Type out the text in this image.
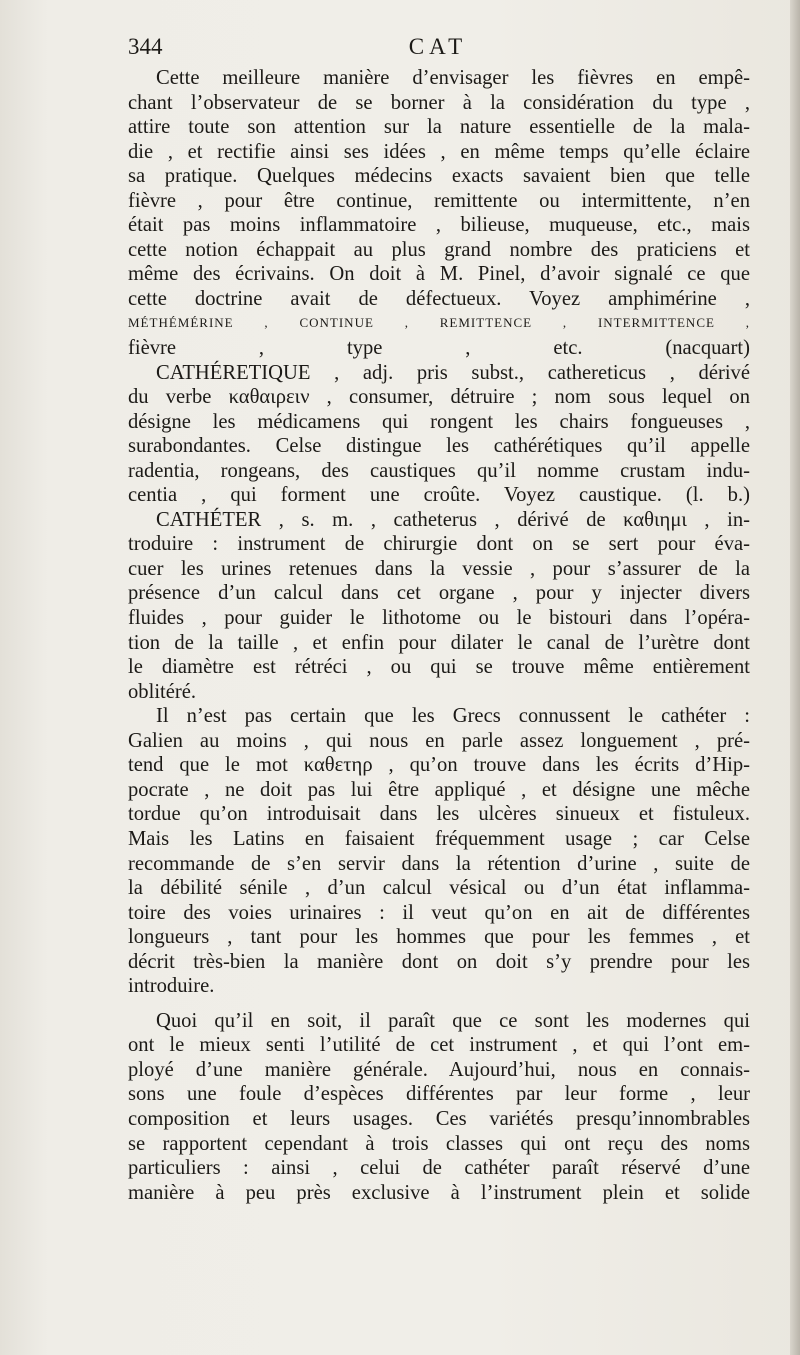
344	CAT
Cette meilleure manière d’envisager les fièvres en empê-
chant l’observateur de se borner à la considération du type ,
attire toute son attention sur la nature essentielle de la mala-
die , et rectifie ainsi ses idées , en même temps qu’elle éclaire
sa pratique. Quelques médecins exacts savaient bien que telle
fièvre , pour être continue, remittente ou intermittente, n’en
était pas moins inflammatoire , bilieuse, muqueuse, etc., mais
cette notion échappait au plus grand nombre des praticiens et
même des écrivains. On doit à M. Pinel, d’avoir signalé ce que
cette doctrine avait de défectueux. Voyez amphimérine ,
MÉTHÉMÉRINE , CONTINUE , REMITTENCE , INTERMITTENCE ,
fièvre , type , etc. (nacquart)
CATHÉRETIQUE , adj. pris subst., cathereticus , dérivé
du verbe καθαιρειν , consumer, détruire ; nom sous lequel on
désigne les médicamens qui rongent les chairs fongueuses ,
surabondantes. Celse distingue les cathérétiques qu’il appelle
radentia, rongeans, des caustiques qu’il nomme crustam indu-
centia , qui forment une croûte. Voyez caustique. (l. b.)
CATHÉTER , s. m. , catheterus , dérivé de καθιημι , in-
troduire : instrument de chirurgie dont on se sert pour éva-
cuer les urines retenues dans la vessie , pour s’assurer de la
présence d’un calcul dans cet organe , pour y injecter divers
fluides , pour guider le lithotome ou le bistouri dans l’opéra-
tion de la taille , et enfin pour dilater le canal de l’urètre dont
le diamètre est rétréci , ou qui se trouve même entièrement
oblitéré.
Il n’est pas certain que les Grecs connussent le cathéter :
Galien au moins , qui nous en parle assez longuement , pré-
tend que le mot καθετηρ , qu’on trouve dans les écrits d’Hip-
pocrate , ne doit pas lui être appliqué , et désigne une mêche
tordue qu’on introduisait dans les ulcères sinueux et fistuleux.
Mais les Latins en faisaient fréquemment usage ; car Celse
recommande de s’en servir dans la rétention d’urine , suite de
la débilité sénile , d’un calcul vésical ou d’un état inflamma-
toire des voies urinaires : il veut qu’on en ait de différentes
longueurs , tant pour les hommes que pour les femmes , et
décrit très-bien la manière dont on doit s’y prendre pour les
introduire.
Quoi qu’il en soit, il paraît que ce sont les modernes qui
ont le mieux senti l’utilité de cet instrument , et qui l’ont em-
ployé d’une manière générale. Aujourd’hui, nous en connais-
sons une foule d’espèces différentes par leur forme , leur
composition et leurs usages. Ces variétés presqu’innombrables
se rapportent cependant à trois classes qui ont reçu des noms
particuliers : ainsi , celui de cathéter paraît réservé d’une
manière à peu près exclusive à l’instrument plein et solide
